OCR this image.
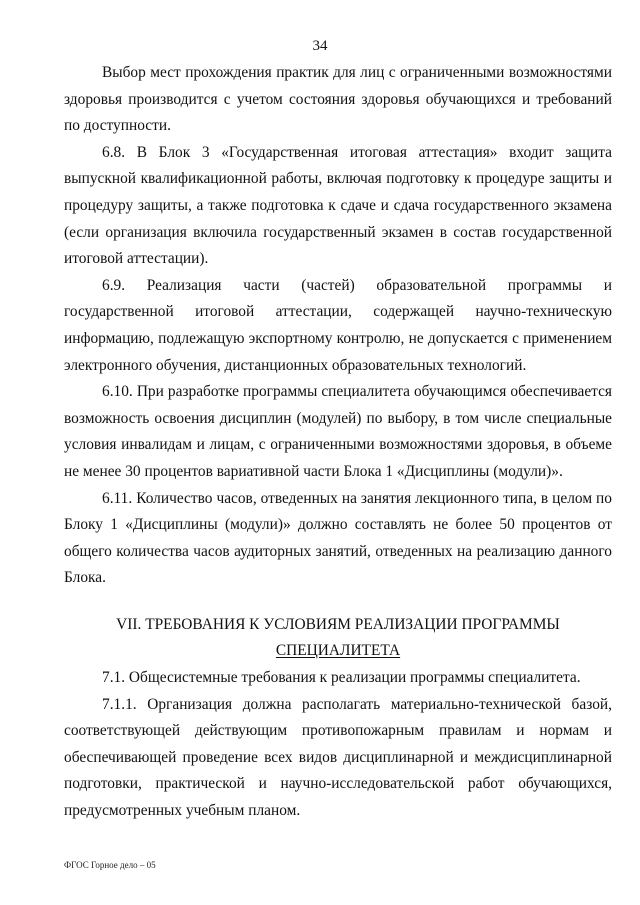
34

Выбор мест прохождения практик для лиц с ограниченными возможностями здоровья производится с учетом состояния здоровья обучающихся и требований по доступности.

6.8. В Блок 3 «Государственная итоговая аттестация» входит защита выпускной квалификационной работы, включая подготовку к процедуре защиты и процедуру защиты, а также подготовка к сдаче и сдача государственного экзамена (если организация включила государственный экзамен в состав государственной итоговой аттестации).

6.9. Реализация части (частей) образовательной программы и государственной итоговой аттестации, содержащей научно-техническую информацию, подлежащую экспортному контролю, не допускается с применением электронного обучения, дистанционных образовательных технологий.

6.10. При разработке программы специалитета обучающимся обеспечивается возможность освоения дисциплин (модулей) по выбору, в том числе специальные условия инвалидам и лицам, с ограниченными возможностями здоровья, в объеме не менее 30 процентов вариативной части Блока 1 «Дисциплины (модули)».

6.11. Количество часов, отведенных на занятия лекционного типа, в целом по Блоку 1 «Дисциплины (модули)» должно составлять не более 50 процентов от общего количества часов аудиторных занятий, отведенных на реализацию данного Блока.

VII. ТРЕБОВАНИЯ К УСЛОВИЯМ РЕАЛИЗАЦИИ ПРОГРАММЫ
СПЕЦИАЛИТЕТА

7.1. Общесистемные требования к реализации программы специалитета.

7.1.1. Организация должна располагать материально-технической базой, соответствующей действующим противопожарным правилам и нормам и обеспечивающей проведение всех видов дисциплинарной и междисциплинарной подготовки, практической и научно-исследовательской работ обучающихся, предусмотренных учебным планом.

ФГОС Горное дело – 05
